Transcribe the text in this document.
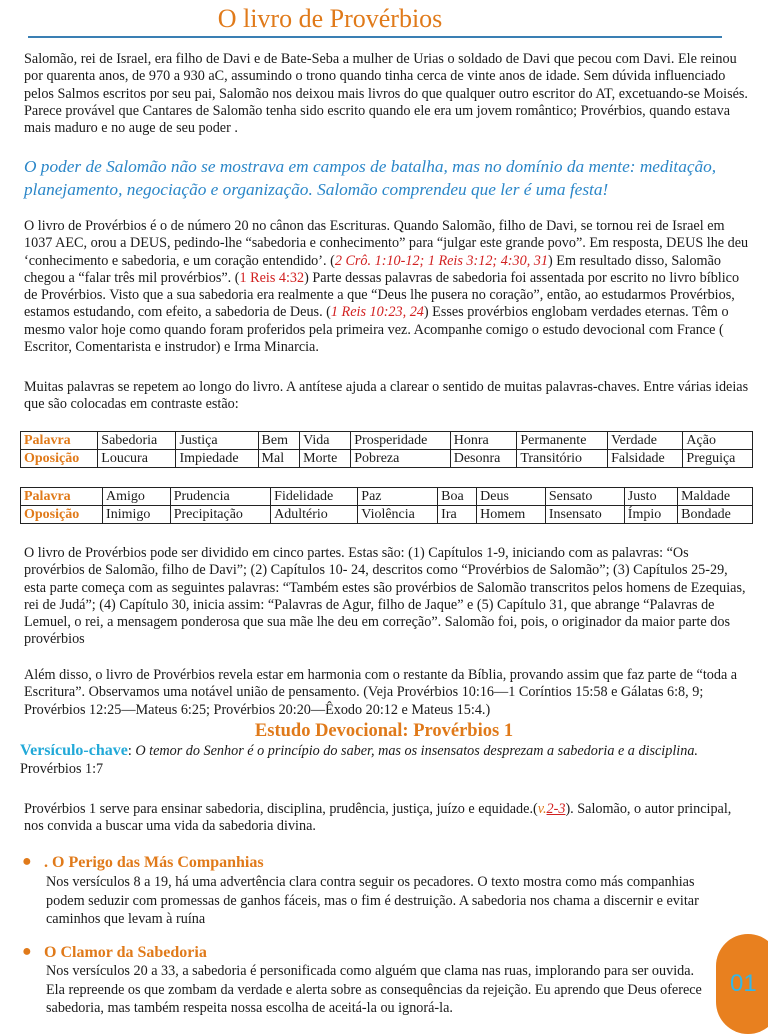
O livro de Provérbios

Salomão, rei de Israel, era filho de Davi e de Bate-Seba a mulher de Urias o soldado de Davi que pecou com Davi. Ele reinou por quarenta anos, de 970 a 930 aC, assumindo o trono quando tinha cerca de vinte anos de idade. Sem dúvida influenciado pelos Salmos escritos por seu pai, Salomão nos deixou mais livros do que qualquer outro escritor do AT, excetuando-se Moisés. Parece provável que Cantares de Salomão tenha sido escrito quando ele era um jovem romântico; Provérbios, quando estava mais maduro e no auge de seu poder .

O poder de Salomão não se mostrava em campos de batalha, mas no domínio da mente: meditação, planejamento, negociação e organização. Salomão comprendeu que ler é uma festa!

O livro de Provérbios é o de número 20 no cânon das Escrituras. Quando Salomão, filho de Davi, se tornou rei de Israel em 1037 AEC, orou a DEUS, pedindo-lhe “sabedoria e conhecimento” para “julgar este grande povo”. Em resposta, DEUS lhe deu ‘conhecimento e sabedoria, e um coração entendido’. (2 Crô. 1:10-12; 1 Reis 3:12; 4:30, 31) Em resultado disso, Salomão chegou a “falar três mil provérbios”. (1 Reis 4:32) Parte dessas palavras de sabedoria foi assentada por escrito no livro bíblico de Provérbios. Visto que a sua sabedoria era realmente a que “Deus lhe pusera no coração”, então, ao estudarmos Provérbios, estamos estudando, com efeito, a sabedoria de Deus. (1 Reis 10:23, 24) Esses provérbios englobam verdades eternas. Têm o mesmo valor hoje como quando foram proferidos pela primeira vez. Acompanhe comigo o estudo devocional com France ( Escritor, Comentarista e instrudor) e Irma Minarcia.

Muitas palavras se repetem ao longo do livro. A antítese ajuda a clarear o sentido de muitas palavras-chaves. Entre várias ideias que são colocadas em contraste estão:

Palavra	Sabedoria	Justiça	Bem	Vida	Prosperidade	Honra	Permanente	Verdade	Ação
Oposição	Loucura	Impiedade	Mal	Morte	Pobreza	Desonra	Transitório	Falsidade	Preguiça
Palavra	Amigo	Prudencia	Fidelidade	Paz	Boa	Deus	Sensato	Justo	Maldade
Oposição	Inimigo	Precipitação	Adultério	Violência	Ira	Homem	Insensato	Ímpio	Bondade

O livro de Provérbios pode ser dividido em cinco partes. Estas são: (1) Capítulos 1-9, iniciando com as palavras: “Os provérbios de Salomão, filho de Davi”; (2) Capítulos 10- 24, descritos como “Provérbios de Salomão”; (3) Capítulos 25-29, esta parte começa com as seguintes palavras: “Também estes são provérbios de Salomão transcritos pelos homens de Ezequias, rei de Judá”; (4) Capítulo 30, inicia assim: “Palavras de Agur, filho de Jaque” e (5) Capítulo 31, que abrange “Palavras de Lemuel, o rei, a mensagem ponderosa que sua mãe lhe deu em correção”. Salomão foi, pois, o originador da maior parte dos provérbios

Além disso, o livro de Provérbios revela estar em harmonia com o restante da Bíblia, provando assim que faz parte de “toda a Escritura”. Observamos uma notável união de pensamento. (Veja Provérbios 10:16—1 Coríntios 15:58 e Gálatas 6:8, 9; Provérbios 12:25—Mateus 6:25; Provérbios 20:20—Êxodo 20:12 e Mateus 15:4.)

Estudo Devocional: Provérbios 1

Versículo-chave: O temor do Senhor é o princípio do saber, mas os insensatos desprezam a sabedoria e a disciplina. Provérbios 1:7

Provérbios 1 serve para ensinar sabedoria, disciplina, prudência, justiça, juízo e equidade.(v.2-3). Salomão, o autor principal, nos convida a buscar uma vida da sabedoria divina.

● . O Perigo das Más Companhias

Nos versículos 8 a 19, há uma advertência clara contra seguir os pecadores. O texto mostra como más companhias podem seduzir com promessas de ganhos fáceis, mas o fim é destruição. A sabedoria nos chama a discernir e evitar caminhos que levam à ruína

● O Clamor da Sabedoria

Nos versículos 20 a 33, a sabedoria é personificada como alguém que clama nas ruas, implorando para ser ouvida. Ela repreende os que zombam da verdade e alerta sobre as consequências da rejeição. Eu aprendo que Deus oferece sabedoria, mas também respeita nossa escolha de aceitá-la ou ignorá-la.

01
